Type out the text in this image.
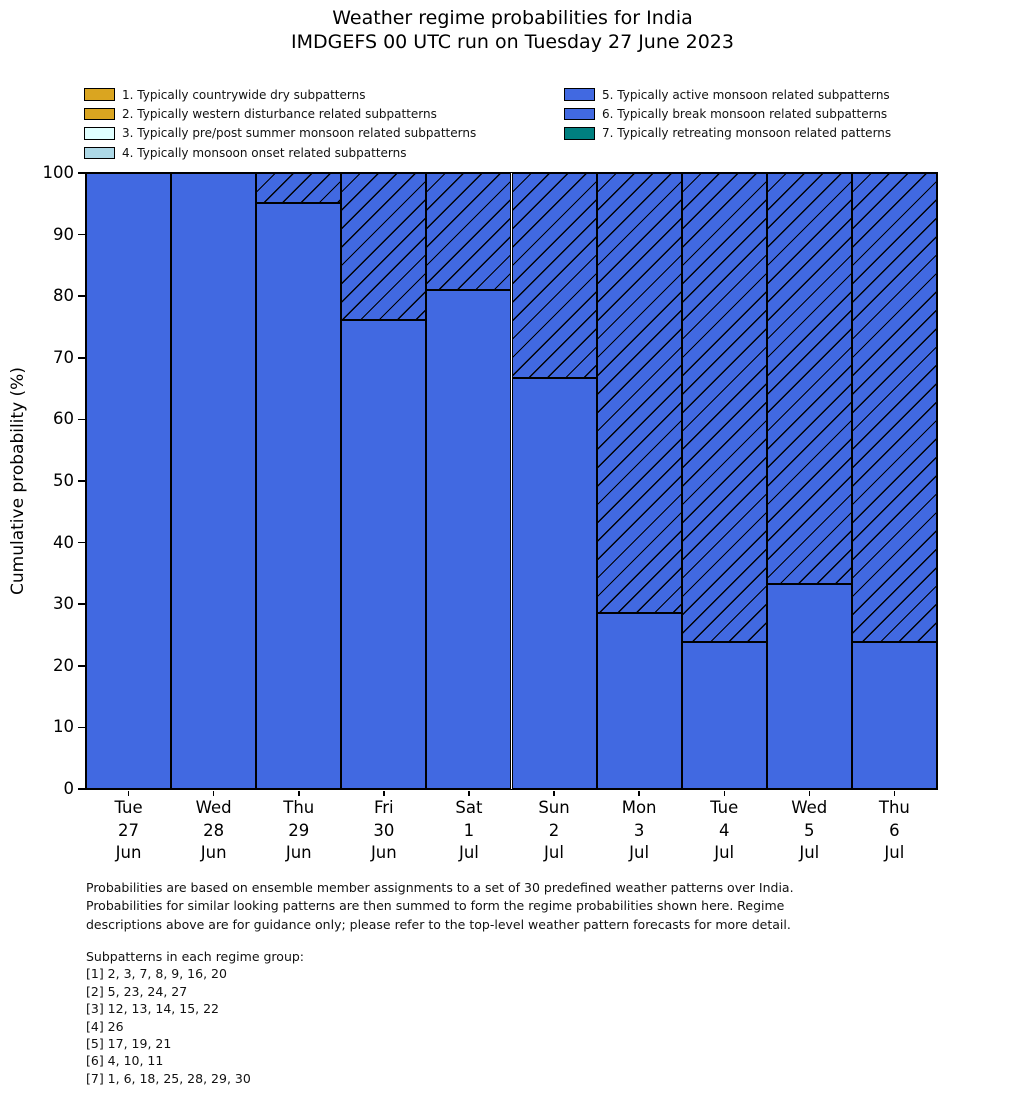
Weather regime probabilities for India
IMDGEFS 00 UTC run on Tuesday 27 June 2023
1. Typically countrywide dry subpatterns
2. Typically western disturbance related subpatterns
3. Typically pre/post summer monsoon related subpatterns
4. Typically monsoon onset related subpatterns
5. Typically active monsoon related subpatterns
6. Typically break monsoon related subpatterns
7. Typically retreating monsoon related patterns
Cumulative probability (%)
0
10
20
30
40
50
60
70
80
90
100
Tue
27
Jun
Wed
28
Jun
Thu
29
Jun
Fri
30
Jun
Sat
1
Jul
Sun
2
Jul
Mon
3
Jul
Tue
4
Jul
Wed
5
Jul
Thu
6
Jul
Probabilities are based on ensemble member assignments to a set of 30 predefined weather patterns over India.
Probabilities for similar looking patterns are then summed to form the regime probabilities shown here. Regime
descriptions above are for guidance only; please refer to the top-level weather pattern forecasts for more detail.
Subpatterns in each regime group:
[1] 2, 3, 7, 8, 9, 16, 20
[2] 5, 23, 24, 27
[3] 12, 13, 14, 15, 22
[4] 26
[5] 17, 19, 21
[6] 4, 10, 11
[7] 1, 6, 18, 25, 28, 29, 30
